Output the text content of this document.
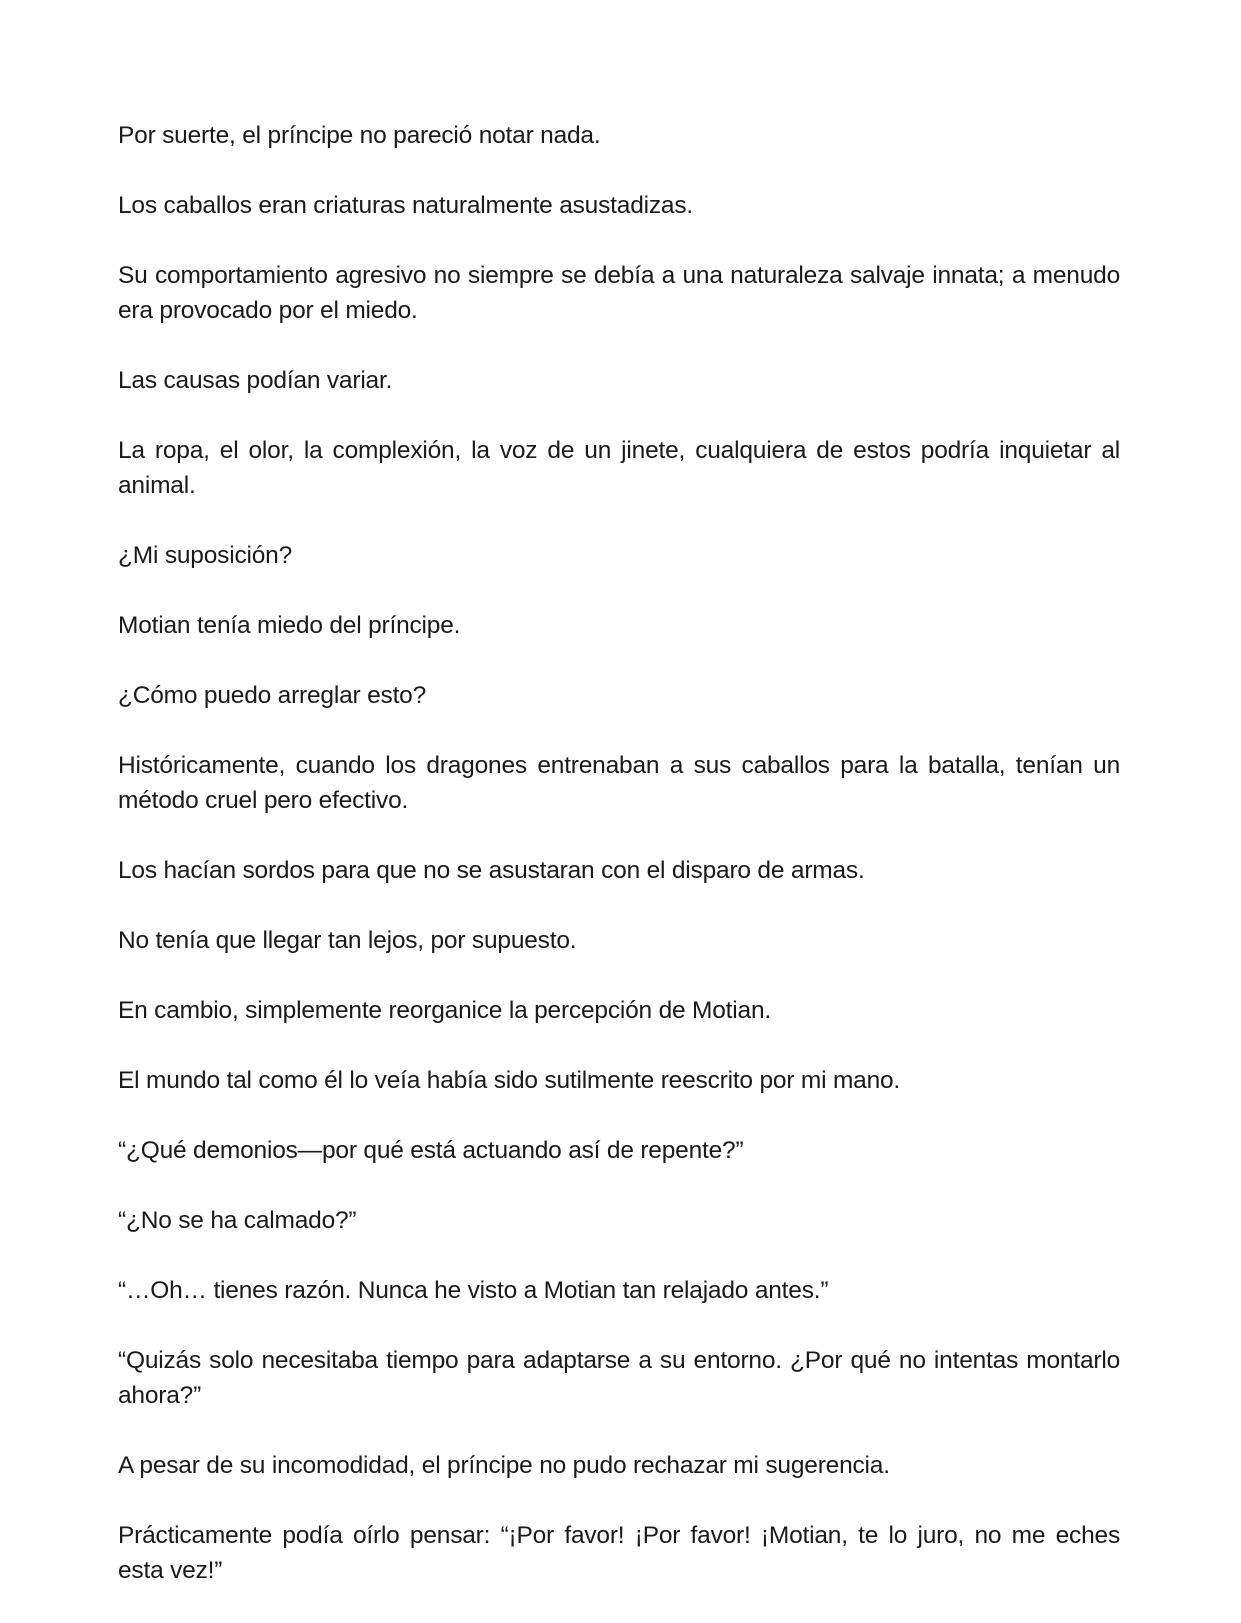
Por suerte, el príncipe no pareció notar nada.

Los caballos eran criaturas naturalmente asustadizas.

Su comportamiento agresivo no siempre se debía a una naturaleza salvaje innata; a menudo era provocado por el miedo.

Las causas podían variar.

La ropa, el olor, la complexión, la voz de un jinete, cualquiera de estos podría inquietar al animal.

¿Mi suposición?

Motian tenía miedo del príncipe.

¿Cómo puedo arreglar esto?

Históricamente, cuando los dragones entrenaban a sus caballos para la batalla, tenían un método cruel pero efectivo.

Los hacían sordos para que no se asustaran con el disparo de armas.

No tenía que llegar tan lejos, por supuesto.

En cambio, simplemente reorganice la percepción de Motian.

El mundo tal como él lo veía había sido sutilmente reescrito por mi mano.

“¿Qué demonios—por qué está actuando así de repente?”

“¿No se ha calmado?”

“…Oh… tienes razón. Nunca he visto a Motian tan relajado antes.”

“Quizás solo necesitaba tiempo para adaptarse a su entorno. ¿Por qué no intentas montarlo ahora?”

A pesar de su incomodidad, el príncipe no pudo rechazar mi sugerencia.

Prácticamente podía oírlo pensar: “¡Por favor! ¡Por favor! ¡Motian, te lo juro, no me eches esta vez!”
